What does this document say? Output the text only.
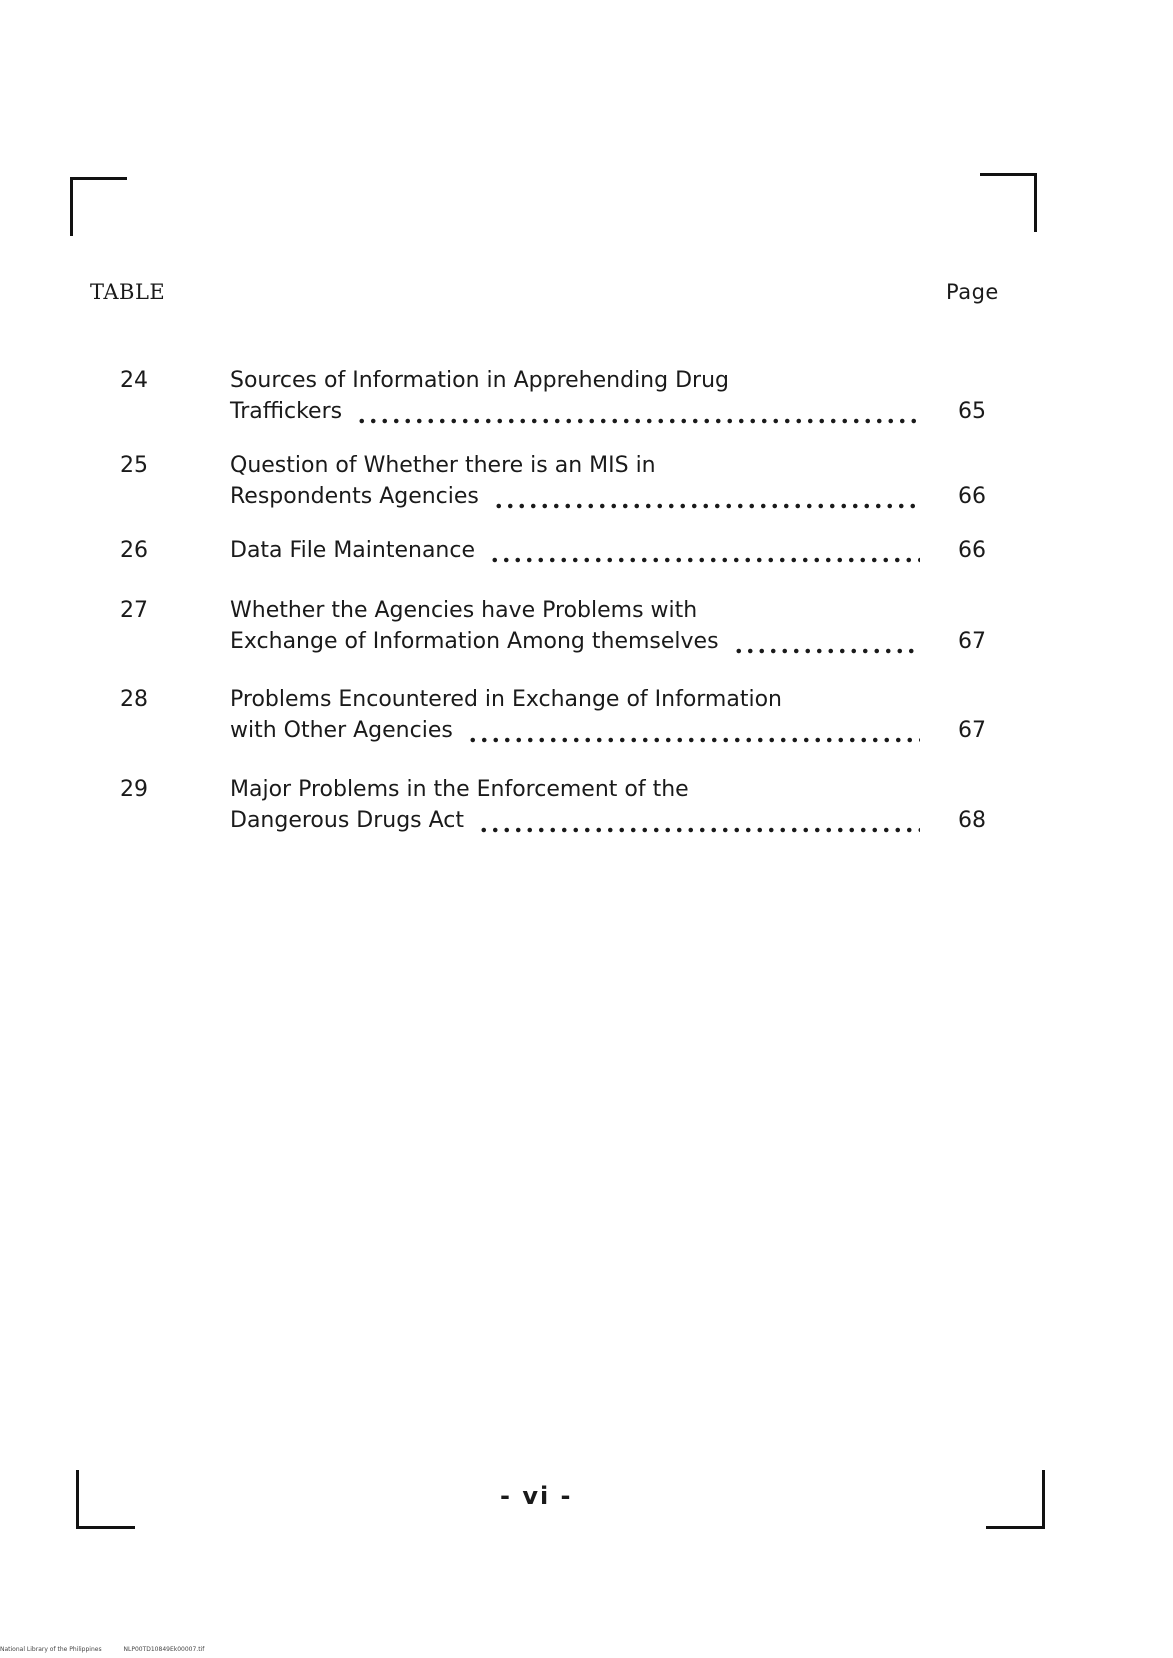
TABLE	Page
24	Sources of Information in Apprehending Drug
Traffickers	65
25	Question of Whether there is an MIS in
Respondents Agencies	66
26	Data File Maintenance	66
27	Whether the Agencies have Problems with
Exchange of Information Among themselves	67
28	Problems Encountered in Exchange of Information
with Other Agencies	67
29	Major Problems in the Enforcement of the
Dangerous Drugs Act	68
- vi -
National Library of the Philippines	NLP00TD10849Ek00007.tif
